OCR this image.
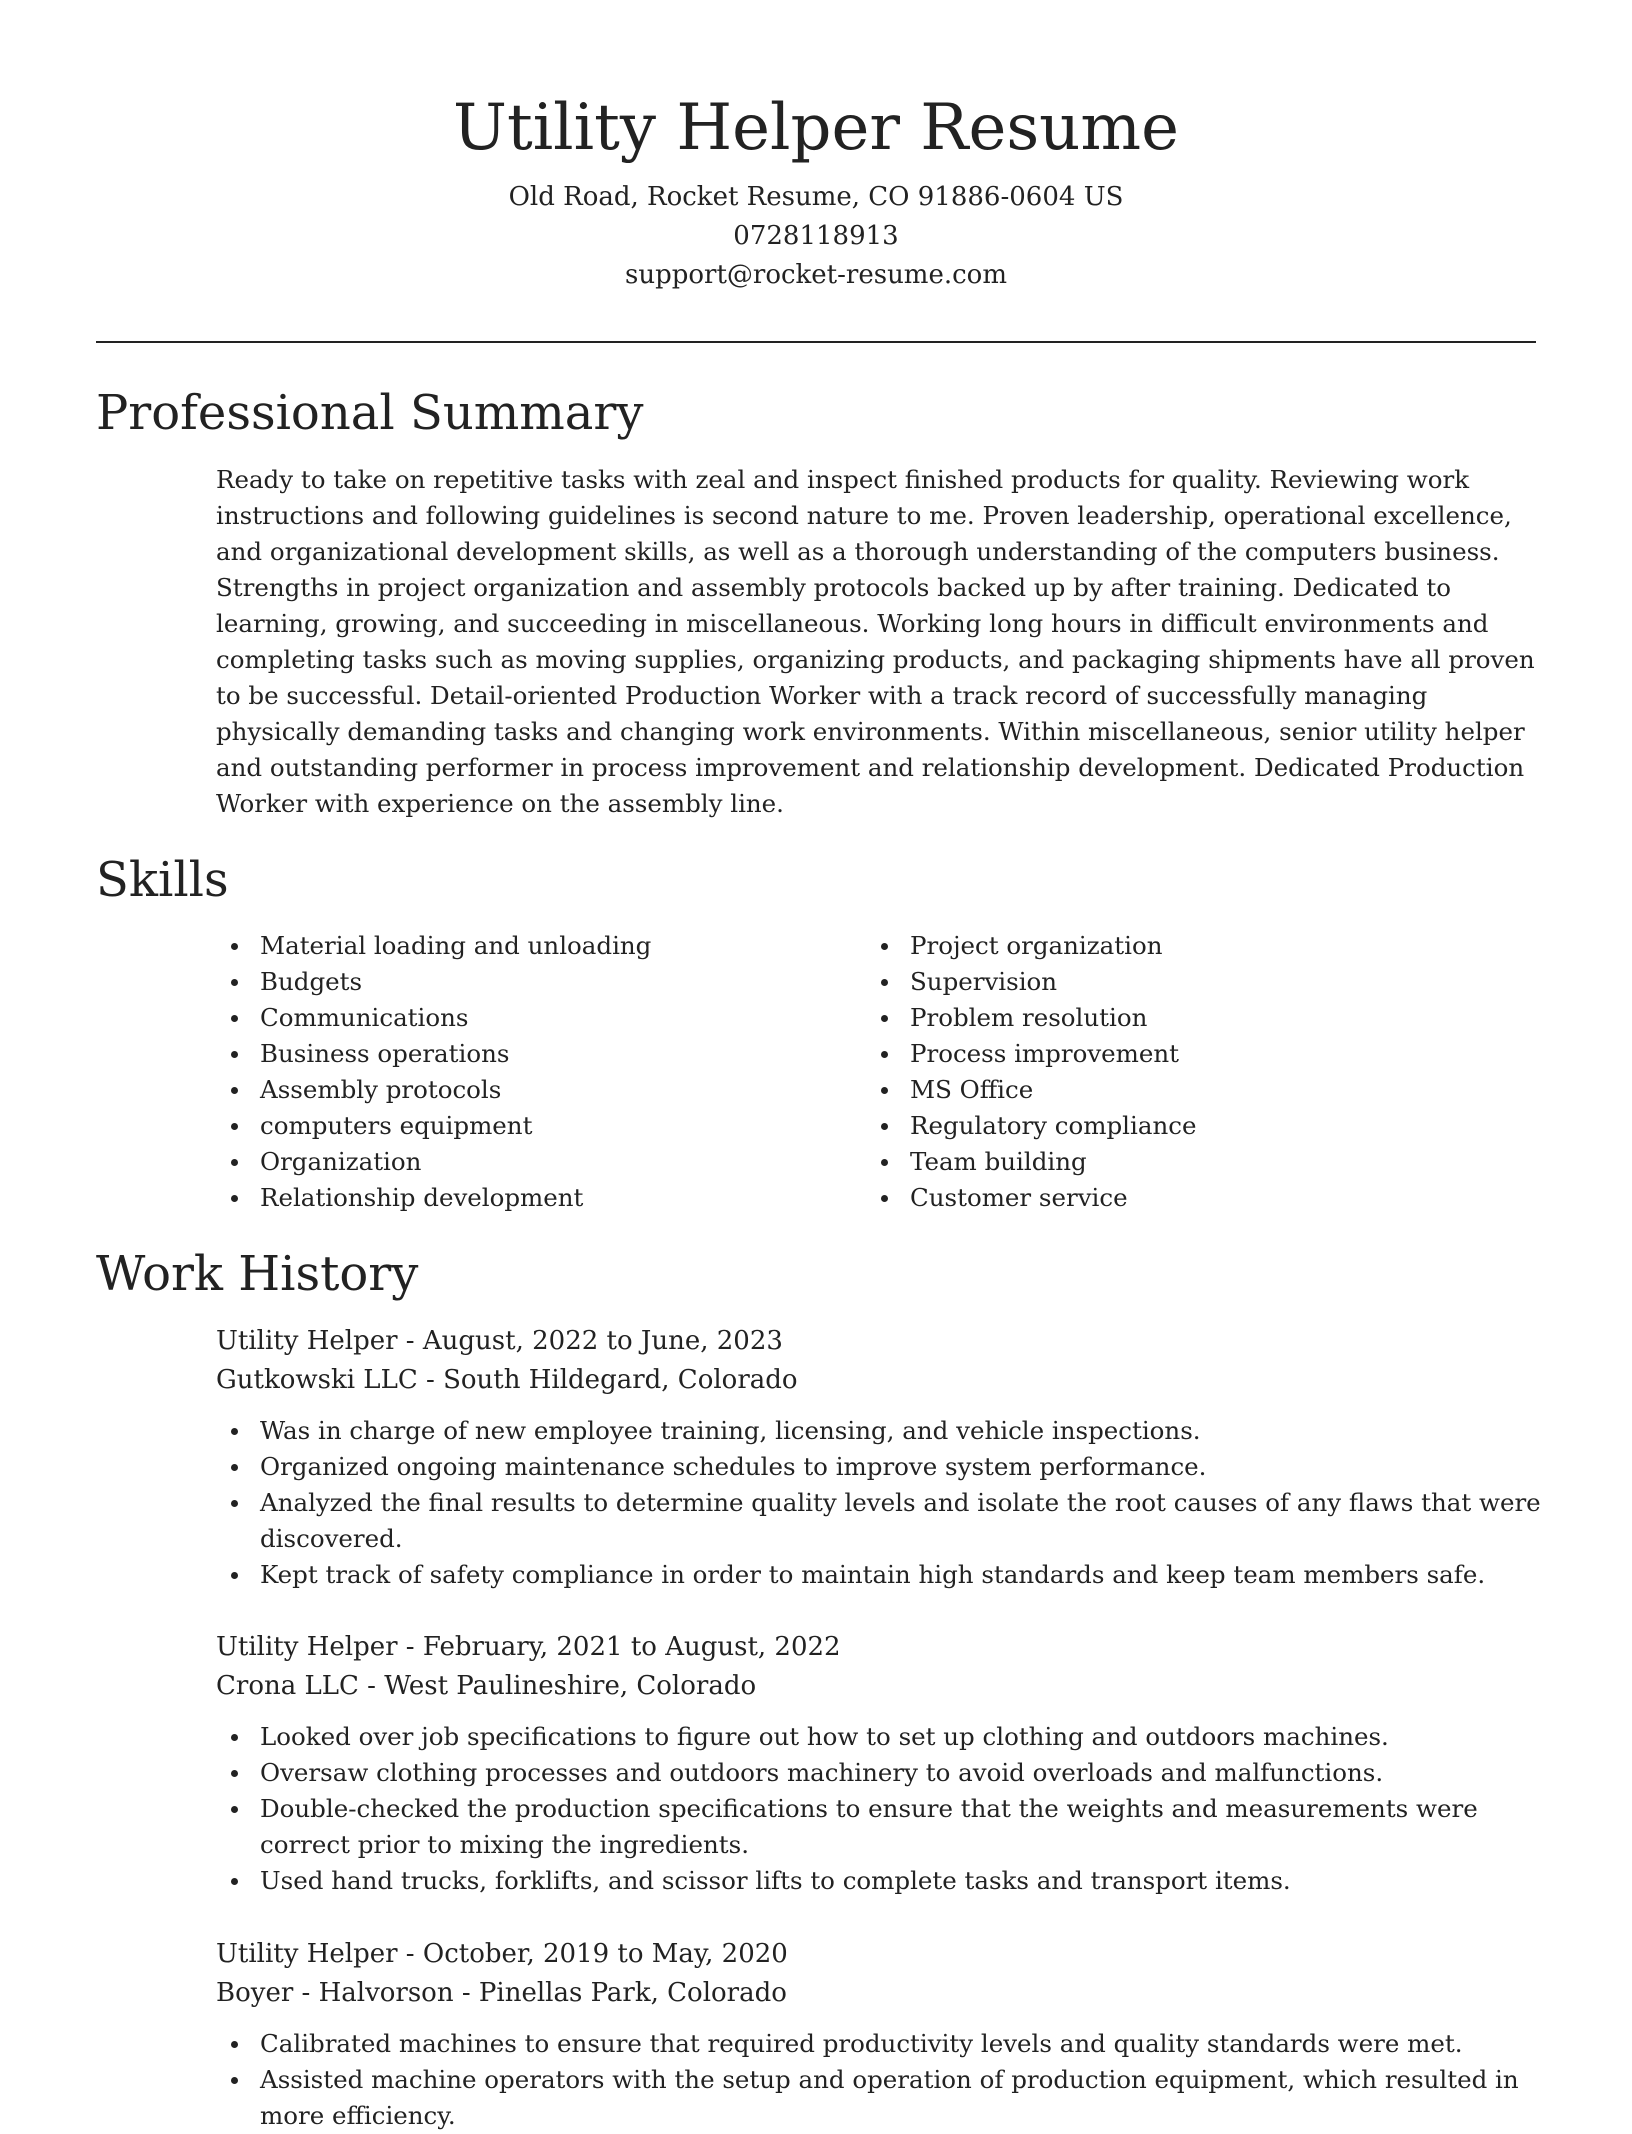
Utility Helper Resume
Old Road, Rocket Resume, CO 91886-0604 US
0728118913
support@rocket-resume.com
Professional Summary

Ready to take on repetitive tasks with zeal and inspect finished products for quality. Reviewing work instructions and following guidelines is second nature to me. Proven leadership, operational excellence, and organizational development skills, as well as a thorough understanding of the computers business. Strengths in project organization and assembly protocols backed up by after training. Dedicated to learning, growing, and succeeding in miscellaneous. Working long hours in difficult environments and completing tasks such as moving supplies, organizing products, and packaging shipments have all proven to be successful. Detail-oriented Production Worker with a track record of successfully managing physically demanding tasks and changing work environments. Within miscellaneous, senior utility helper and outstanding performer in process improvement and relationship development. Dedicated Production Worker with experience on the assembly line.

Skills
Material loading and unloading
Budgets
Communications
Business operations
Assembly protocols
computers equipment
Organization
Relationship development
Project organization
Supervision
Problem resolution
Process improvement
MS Office
Regulatory compliance
Team building
Customer service
Work History
Utility Helper - August, 2022 to June, 2023
Gutkowski LLC - South Hildegard, Colorado
Was in charge of new employee training, licensing, and vehicle inspections.
Organized ongoing maintenance schedules to improve system performance.
Analyzed the final results to determine quality levels and isolate the root causes of any flaws that were discovered.
Kept track of safety compliance in order to maintain high standards and keep team members safe.
Utility Helper - February, 2021 to August, 2022
Crona LLC - West Paulineshire, Colorado
Looked over job specifications to figure out how to set up clothing and outdoors machines.
Oversaw clothing processes and outdoors machinery to avoid overloads and malfunctions.
Double-checked the production specifications to ensure that the weights and measurements were correct prior to mixing the ingredients.
Used hand trucks, forklifts, and scissor lifts to complete tasks and transport items.
Utility Helper - October, 2019 to May, 2020
Boyer - Halvorson - Pinellas Park, Colorado
Calibrated machines to ensure that required productivity levels and quality standards were met.
Assisted machine operators with the setup and operation of production equipment, which resulted in more efficiency.
